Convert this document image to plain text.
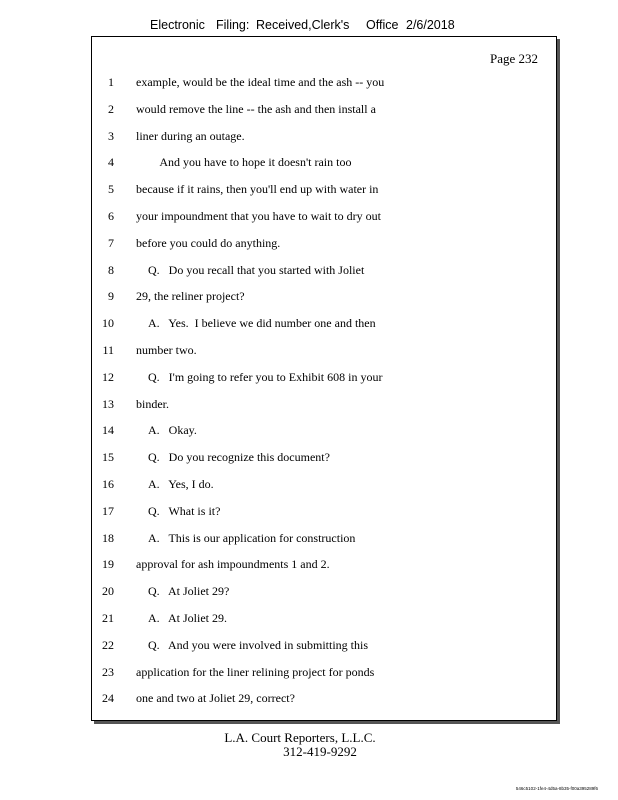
Electronic Filing: Received,Clerk's Office 2/6/2018
Page 232
1 example, would be the ideal time and the ash -- you
2 would remove the line -- the ash and then install a
3 liner during an outage.
4	And you have to hope it doesn't rain too
5 because if it rains, then you'll end up with water in
6 your impoundment that you have to wait to dry out
7 before you could do anything.
8	Q.   Do you recall that you started with Joliet
9 29, the reliner project?
10	A.   Yes.  I believe we did number one and then
11 number two.
12	Q.   I'm going to refer you to Exhibit 608 in your
13 binder.
14	A.   Okay.
15	Q.   Do you recognize this document?
16	A.   Yes, I do.
17	Q.   What is it?
18	A.   This is our application for construction
19 approval for ash impoundments 1 and 2.
20	Q.   At Joliet 29?
21	A.   At Joliet 29.
22	Q.   And you were involved in submitting this
23 application for the liner relining project for ponds
24 one and two at Joliet 29, correct?
L.A. Court Reporters, L.L.C.
312-419-9292
546c5102-1fe4-4d5a-8b35-f00a395289f6
